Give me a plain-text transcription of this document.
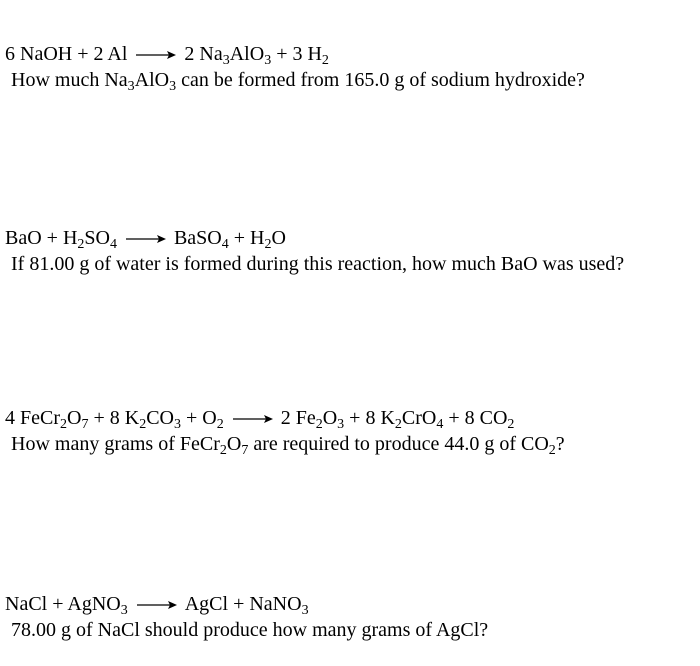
6 NaOH + 2 Al → 2 $Na_3AlO_3 + 3$ $H_2$
How much $Na_3AlO_3$ can be formed from 165.0 g of sodium hydroxide?
BaO + $H_2SO_4$ → BaSO$_4$ + $H_2O$
If 81.00 g of water is formed during this reaction, how much BaO was used?
4 $FeCr_2O_7 + 8$ $K_2CO_3 + O_2 \to 2$ $Fe_2O_3 + 8$ $K_2CrO_4 + 8$ $CO_2$
How many grams of $FeCr_2O_7$ are required to produce 44.0 g of $CO_2$?
NaCl + AgNO$_3$ → AgCl + NaNO$_3$
78.00 g of NaCl should produce how many grams of AgCl?
